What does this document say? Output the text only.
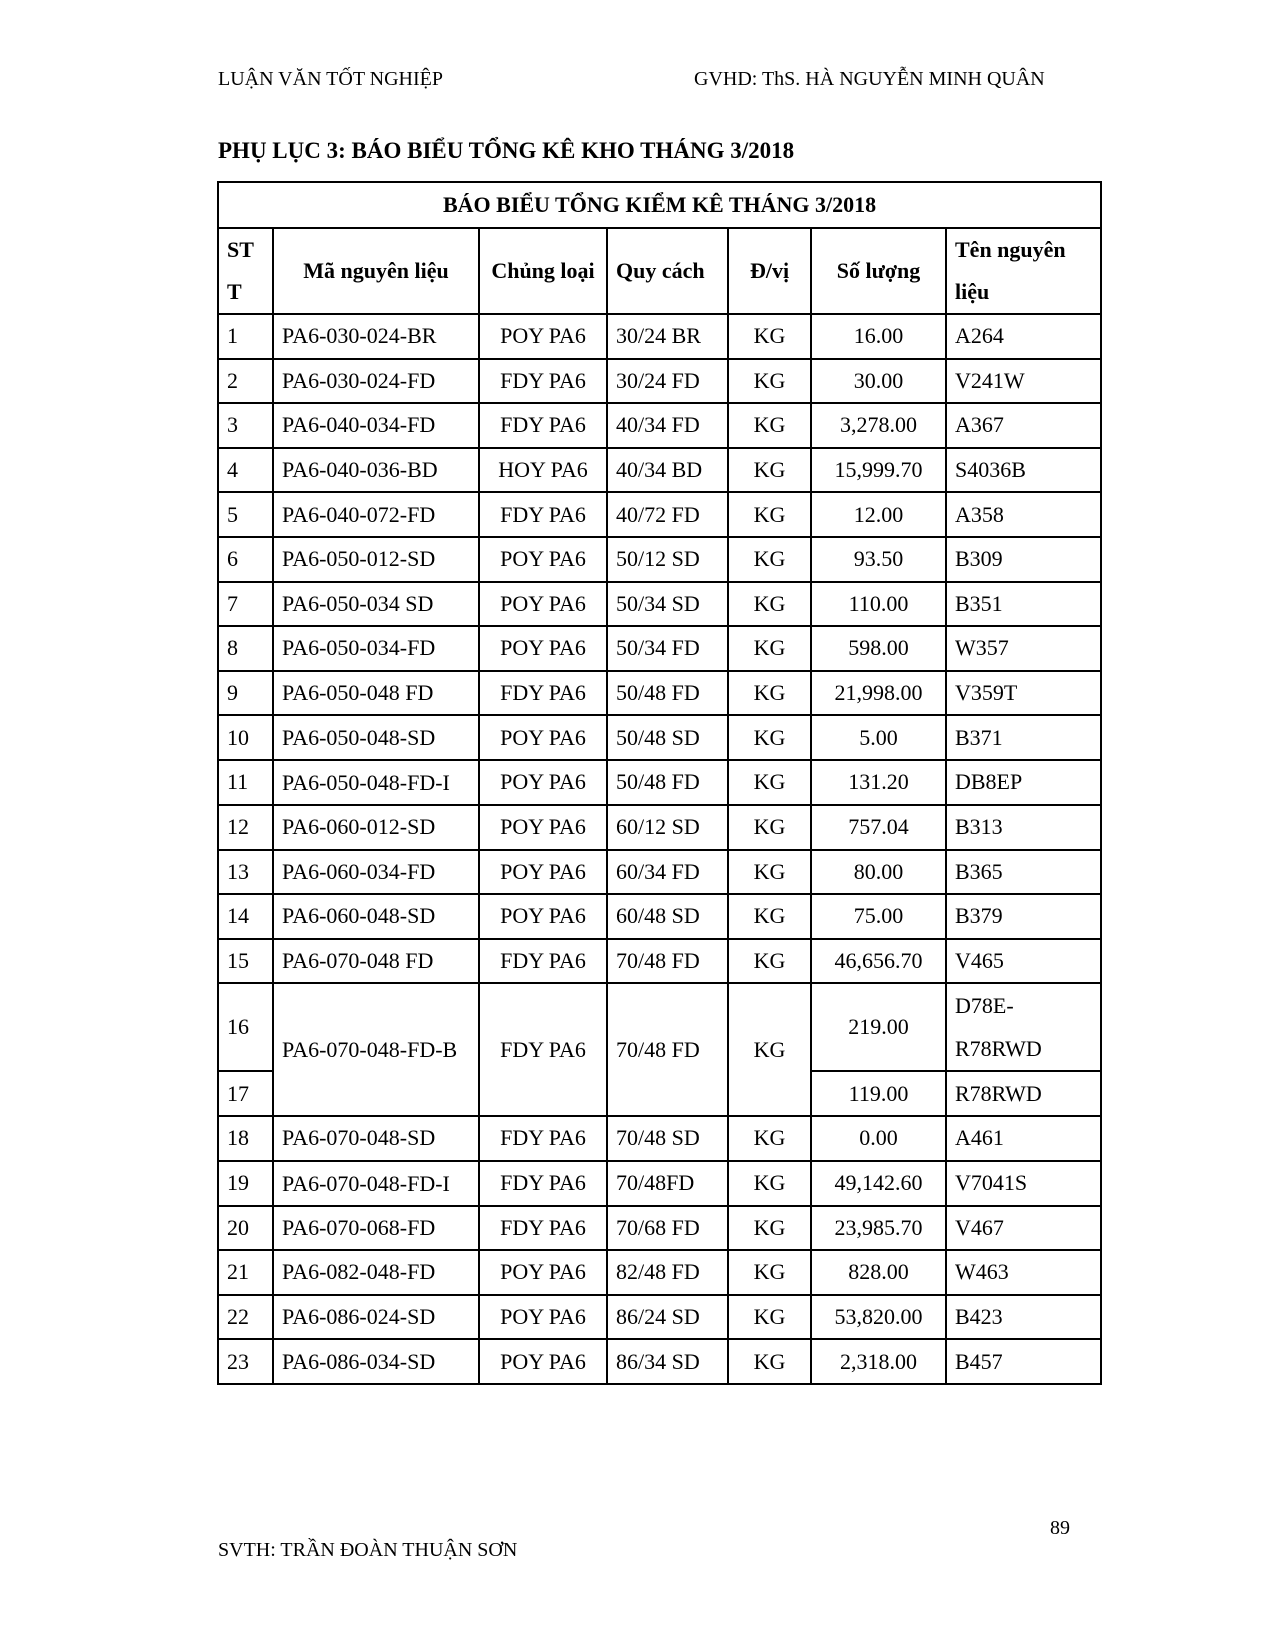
LUẬN VĂN TỐT NGHIỆP	GVHD: ThS. HÀ NGUYỄN MINH QUÂN
PHỤ LỤC 3: BÁO BIỂU TỔNG KÊ KHO THÁNG 3/2018
BÁO BIỂU TỔNG KIỂM KÊ THÁNG 3/2018						
ST T	Mã nguyên liệu	Chủng loại	Quy cách	Đ/vị	Số lượng	Tên nguyên liệu
1	PA6-030-024-BR	POY PA6	30/24 BR	KG	16.00	A264
2	PA6-030-024-FD	FDY PA6	30/24 FD	KG	30.00	V241W
3	PA6-040-034-FD	FDY PA6	40/34 FD	KG	3,278.00	A367
4	PA6-040-036-BD	HOY PA6	40/34 BD	KG	15,999.70	S4036B
5	PA6-040-072-FD	FDY PA6	40/72 FD	KG	12.00	A358
6	PA6-050-012-SD	POY PA6	50/12 SD	KG	93.50	B309
7	PA6-050-034 SD	POY PA6	50/34 SD	KG	110.00	B351
8	PA6-050-034-FD	POY PA6	50/34 FD	KG	598.00	W357
9	PA6-050-048 FD	FDY PA6	50/48 FD	KG	21,998.00	V359T
10	PA6-050-048-SD	POY PA6	50/48 SD	KG	5.00	B371
11	PA6-050-048-FD-I	POY PA6	50/48 FD	KG	131.20	DB8EP
12	PA6-060-012-SD	POY PA6	60/12 SD	KG	757.04	B313
13	PA6-060-034-FD	POY PA6	60/34 FD	KG	80.00	B365
14	PA6-060-048-SD	POY PA6	60/48 SD	KG	75.00	B379
15	PA6-070-048 FD	FDY PA6	70/48 FD	KG	46,656.70	V465
16	PA6-070-048-FD-B	FDY PA6	70/48 FD	KG	219.00	D78E-R78RWD
17					119.00	R78RWD
18	PA6-070-048-SD	FDY PA6	70/48 SD	KG	0.00	A461
19	PA6-070-048-FD-I	FDY PA6	70/48FD	KG	49,142.60	V7041S
20	PA6-070-068-FD	FDY PA6	70/68 FD	KG	23,985.70	V467
21	PA6-082-048-FD	POY PA6	82/48 FD	KG	828.00	W463
22	PA6-086-024-SD	POY PA6	86/24 SD	KG	53,820.00	B423
23	PA6-086-034-SD	POY PA6	86/34 SD	KG	2,318.00	B457
89
SVTH: TRẦN ĐOÀN THUẬN SƠN
